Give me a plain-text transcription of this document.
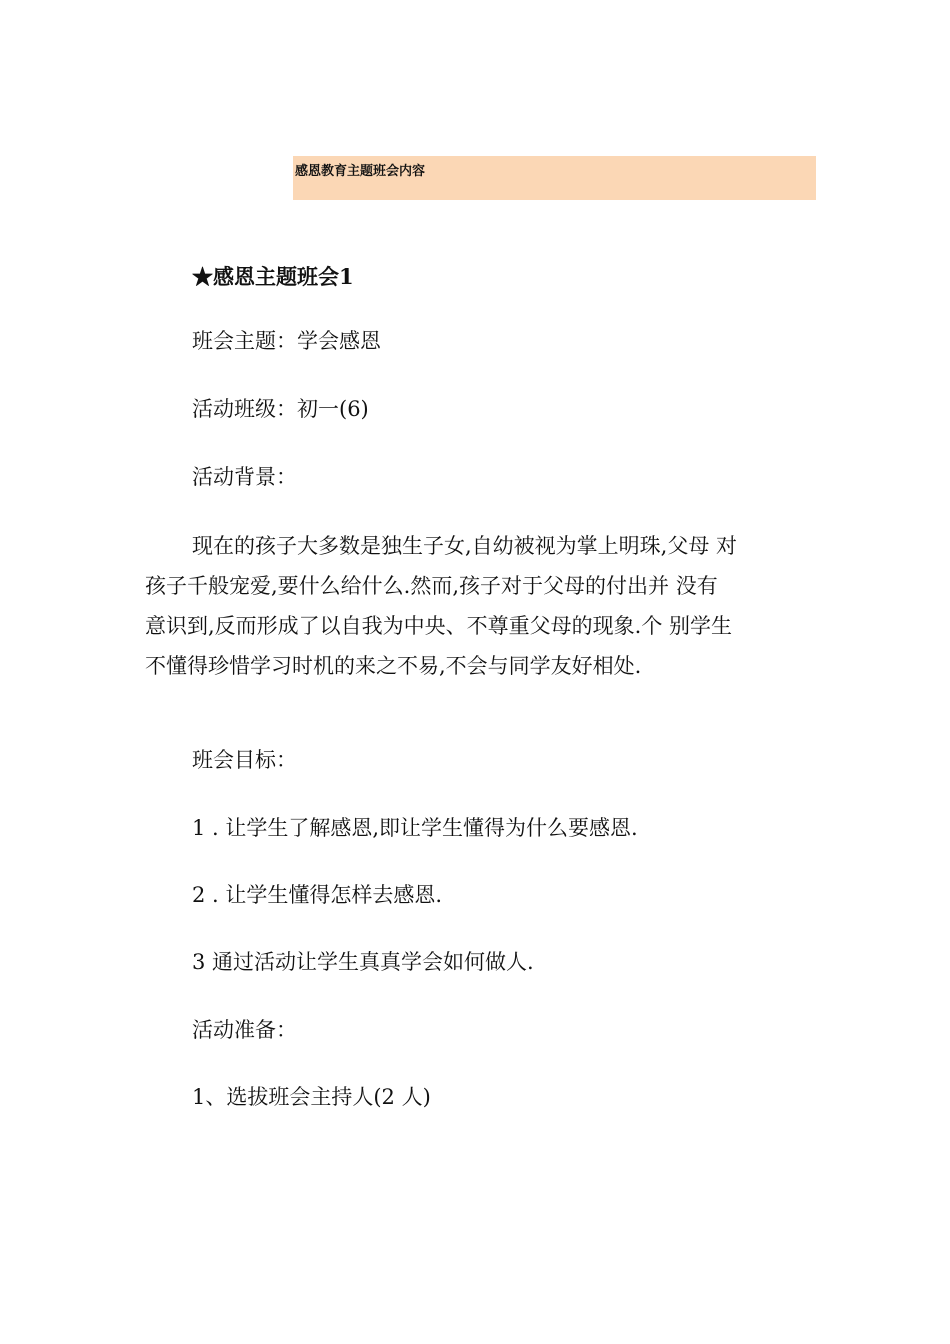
感恩教育主题班会内容
★感恩主题班会1
班会主题：学会感恩
活动班级：初一(6)
活动背景：
现在的孩子大多数是独生子女,自幼被视为掌上明珠,父母 对
孩子千般宠爱,要什么给什么.然而,孩子对于父母的付出并 没有
意识到,反而形成了以自我为中央、不尊重父母的现象.个 别学生
不懂得珍惜学习时机的来之不易,不会与同学友好相处.
班会目标：
1 . 让学生了解感恩,即让学生懂得为什么要感恩.
2 . 让学生懂得怎样去感恩.
3 通过活动让学生真真学会如何做人.
活动准备：
1、选拔班会主持人(2 人)
